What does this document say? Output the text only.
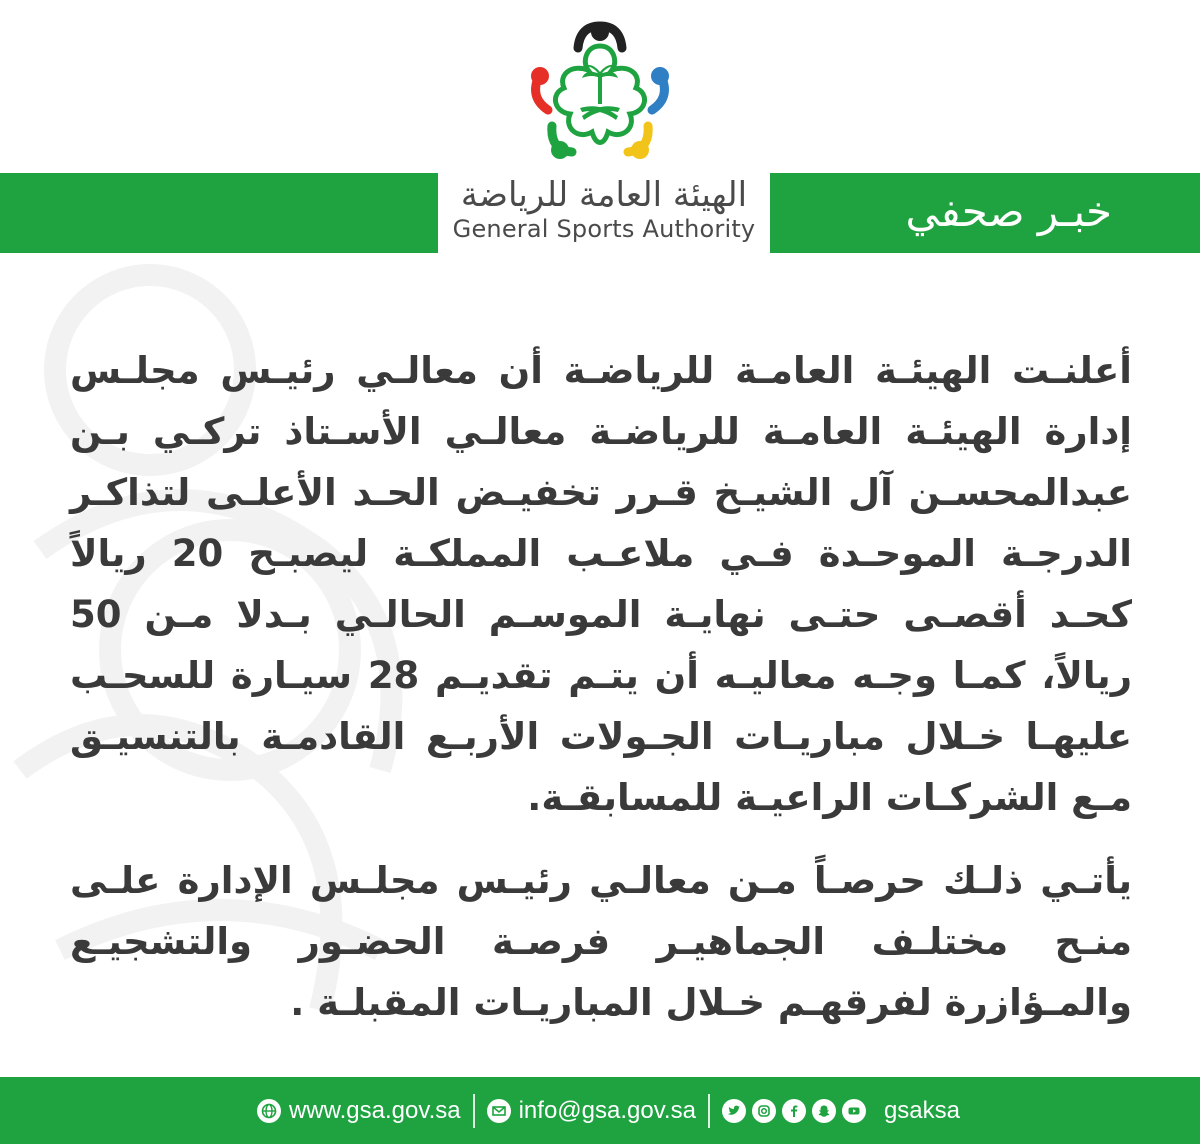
الهيئة العامة للرياضة
General Sports Authority	خبـر صحفي

أعلنـت الهيئـة العامـة للرياضـة أن معالـي رئيـس مجلـس إدارة الهيئـة العامـة للرياضـة معالـي الأسـتاذ تركـي بـن عبدالمحسـن آل الشيـخ قـرر تخفيـض الحـد الأعلـى لتذاكـر الدرجـة الموحـدة فـي ملاعـب المملكـة ليصبـح 20 ريالاً كحـد أقصـى حتـى نهايـة الموسـم الحالـي بـدلا مـن 50 ريالاً، كمـا وجـه معاليـه أن يتـم تقديـم 28 سيـارة للسحـب عليهـا خـلال مباريـات الجـولات الأربـع القادمـة بالتنسيـق مـع الشركـات الراعيـة للمسابقـة.

يأتـي ذلـك حرصـاً مـن معالـي رئيـس مجلـس الإدارة علـى منـح مختلـف الجماهيـر فرصـة الحضـور والتشجيـع والمـؤازرة لفرقهـم خـلال المباريـات المقبلـة .

www.gsa.gov.sa info@gsa.gov.sa	gsaksa
